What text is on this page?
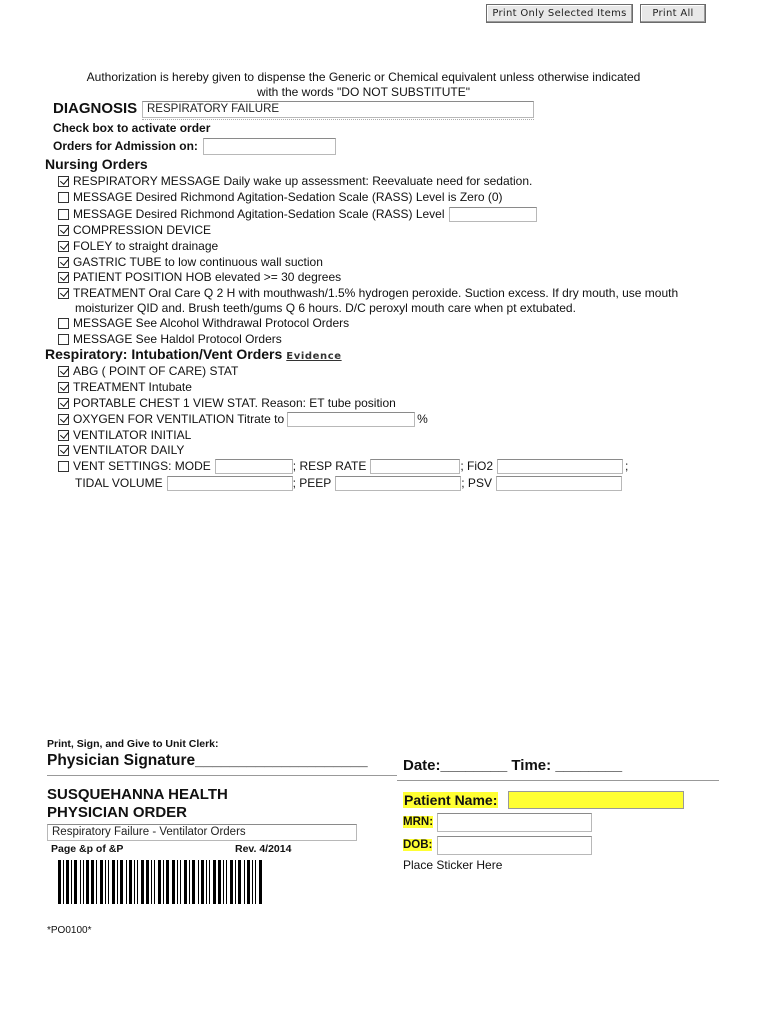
Print Only Selected Items	Print All
Authorization is hereby given to dispense the Generic or Chemical equivalent unless otherwise indicated
with the words "DO NOT SUBSTITUTE"
DIAGNOSIS RESPIRATORY FAILURE
Check box to activate order
Orders for Admission on:
Nursing Orders
RESPIRATORY MESSAGE Daily wake up assessment: Reevaluate need for sedation.
MESSAGE Desired Richmond Agitation-Sedation Scale (RASS) Level is Zero (0)
MESSAGE Desired Richmond Agitation-Sedation Scale (RASS) Level
COMPRESSION DEVICE
FOLEY to straight drainage
GASTRIC TUBE to low continuous wall suction
PATIENT POSITION HOB elevated >= 30 degrees
TREATMENT Oral Care Q 2 H with mouthwash/1.5% hydrogen peroxide. Suction excess. If dry mouth, use mouth
moisturizer QID and. Brush teeth/gums Q 6 hours. D/C peroxyl mouth care when pt extubated.
MESSAGE See Alcohol Withdrawal Protocol Orders
MESSAGE See Haldol Protocol Orders
Respiratory: Intubation/Vent Orders Evidence
ABG ( POINT OF CARE) STAT
TREATMENT Intubate
PORTABLE CHEST 1 VIEW STAT. Reason: ET tube position
OXYGEN FOR VENTILATION Titrate to	%
VENTILATOR INITIAL
VENTILATOR DAILY
VENT SETTINGS: MODE	; RESP RATE	; FiO2	;
TIDAL VOLUME	; PEEP	; PSV
Print, Sign, and Give to Unit Clerk:
Physician Signature____________________ Date:________ Time: ________
SUSQUEHANNA HEALTH
PHYSICIAN ORDER
Respiratory Failure - Ventilator Orders
Page &p of &P	Rev. 4/2014
Patient Name:
MRN:
DOB:
Place Sticker Here
*PO0100*
